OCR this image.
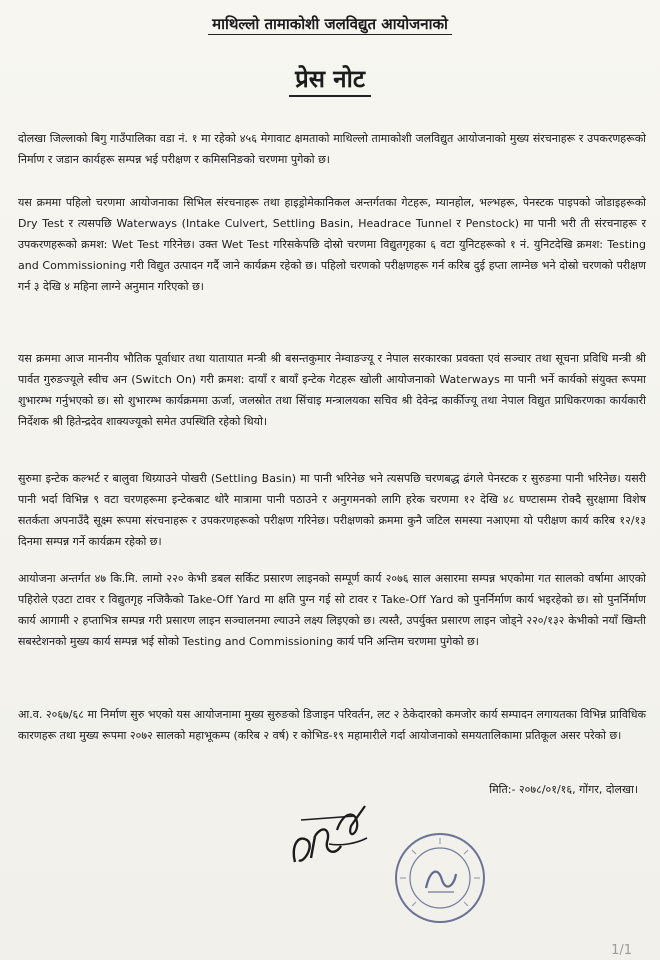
माथिल्लो तामाकोशी जलविद्युत आयोजनाको
प्रेस नोट

दोलखा जिल्लाको बिगु गाउँपालिका वडा नं. १ मा रहेको ४५६ मेगावाट क्षमताको माथिल्लो तामाकोशी जलविद्युत आयोजनाको मुख्य संरचनाहरू र उपकरणहरूको निर्माण र जडान कार्यहरू सम्पन्न भई परीक्षण र कमिसनिङको चरणमा पुगेको छ।

यस क्रममा पहिलो चरणमा आयोजनाका सिभिल संरचनाहरू तथा हाइड्रोमेकानिकल अन्तर्गतका गेटहरू, म्यानहोल, भल्भहरू, पेनस्टक पाइपको जोडाइहरूको Dry Test र त्यसपछि Waterways (Intake Culvert, Settling Basin, Headrace Tunnel र Penstock) मा पानी भरी ती संरचनाहरू र उपकरणहरूको क्रमश: Wet Test गरिनेछ। उक्त Wet Test गरिसकेपछि दोस्रो चरणमा विद्युतगृहका ६ वटा युनिटहरूको १ नं. युनिटदेखि क्रमश: Testing and Commissioning गरी विद्युत उत्पादन गर्दै जाने कार्यक्रम रहेको छ। पहिलो चरणको परीक्षणहरू गर्न करिब दुई हप्ता लाग्नेछ भने दोस्रो चरणको परीक्षण गर्न ३ देखि ४ महिना लाग्ने अनुमान गरिएको छ।

यस क्रममा आज माननीय भौतिक पूर्वाधार तथा यातायात मन्त्री श्री बसन्तकुमार नेम्वाङज्यू र नेपाल सरकारका प्रवक्ता एवं सञ्चार तथा सूचना प्रविधि मन्त्री श्री पार्वत गुरुङज्यूले स्वीच अन (Switch On) गरी क्रमश: दायाँ र बायाँ इन्टेक गेटहरू खोली आयोजनाको Waterways मा पानी भर्ने कार्यको संयुक्त रूपमा शुभारम्भ गर्नुभएको छ। सो शुभारम्भ कार्यक्रममा ऊर्जा, जलस्रोत तथा सिंचाइ मन्त्रालयका सचिव श्री देवेन्द्र कार्कीज्यू तथा नेपाल विद्युत प्राधिकरणका कार्यकारी निर्देशक श्री हितेन्द्रदेव शाक्यज्यूको समेत उपस्थिति रहेको थियो।

सुरुमा इन्टेक कल्भर्ट र बालुवा थिग्र्याउने पोखरी (Settling Basin) मा पानी भरिनेछ भने त्यसपछि चरणबद्ध ढंगले पेनस्टक र सुरुङमा पानी भरिनेछ। यसरी पानी भर्दा विभिन्न ९ वटा चरणहरूमा इन्टेकबाट थोरै मात्रामा पानी पठाउने र अनुगमनको लागि हरेक चरणमा १२ देखि ४८ घण्टासम्म रोक्दै सुरक्षामा विशेष सतर्कता अपनाउँदै सूक्ष्म रूपमा संरचनाहरू र उपकरणहरूको परीक्षण गरिनेछ। परीक्षणको क्रममा कुनै जटिल समस्या नआएमा यो परीक्षण कार्य करिब १२/१३ दिनमा सम्पन्न गर्ने कार्यक्रम रहेको छ।

आयोजना अन्तर्गत ४७ कि.मि. लामो २२० केभी डबल सर्किट प्रसारण लाइनको सम्पूर्ण कार्य २०७६ साल असारमा सम्पन्न भएकोमा गत सालको वर्षामा आएको पहिरोले एउटा टावर र विद्युतगृह नजिकैको Take-Off Yard मा क्षति पुग्न गई सो टावर र Take-Off Yard को पुनर्निर्माण कार्य भइरहेको छ। सो पुनर्निर्माण कार्य आगामी २ हप्ताभित्र सम्पन्न गरी प्रसारण लाइन सञ्चालनमा ल्याउने लक्ष्य लिइएको छ। त्यस्तै, उपर्युक्त प्रसारण लाइन जोड्ने २२०/१३२ केभीको नयाँ खिम्ती सबस्टेशनको मुख्य कार्य सम्पन्न भई सोको Testing and Commissioning कार्य पनि अन्तिम चरणमा पुगेको छ।

आ.व. २०६७/६८ मा निर्माण सुरु भएको यस आयोजनामा मुख्य सुरुङको डिजाइन परिवर्तन, लट २ ठेकेदारको कमजोर कार्य सम्पादन लगायतका विभिन्न प्राविधिक कारणहरू तथा मुख्य रूपमा २०७२ सालको महाभूकम्प (करिब २ वर्ष) र कोभिड-१९ महामारीले गर्दा आयोजनाको समयतालिकामा प्रतिकूल असर परेको छ।

मिति:- २०७८/०१/१६, गोंगर, दोलखा।
1/1
